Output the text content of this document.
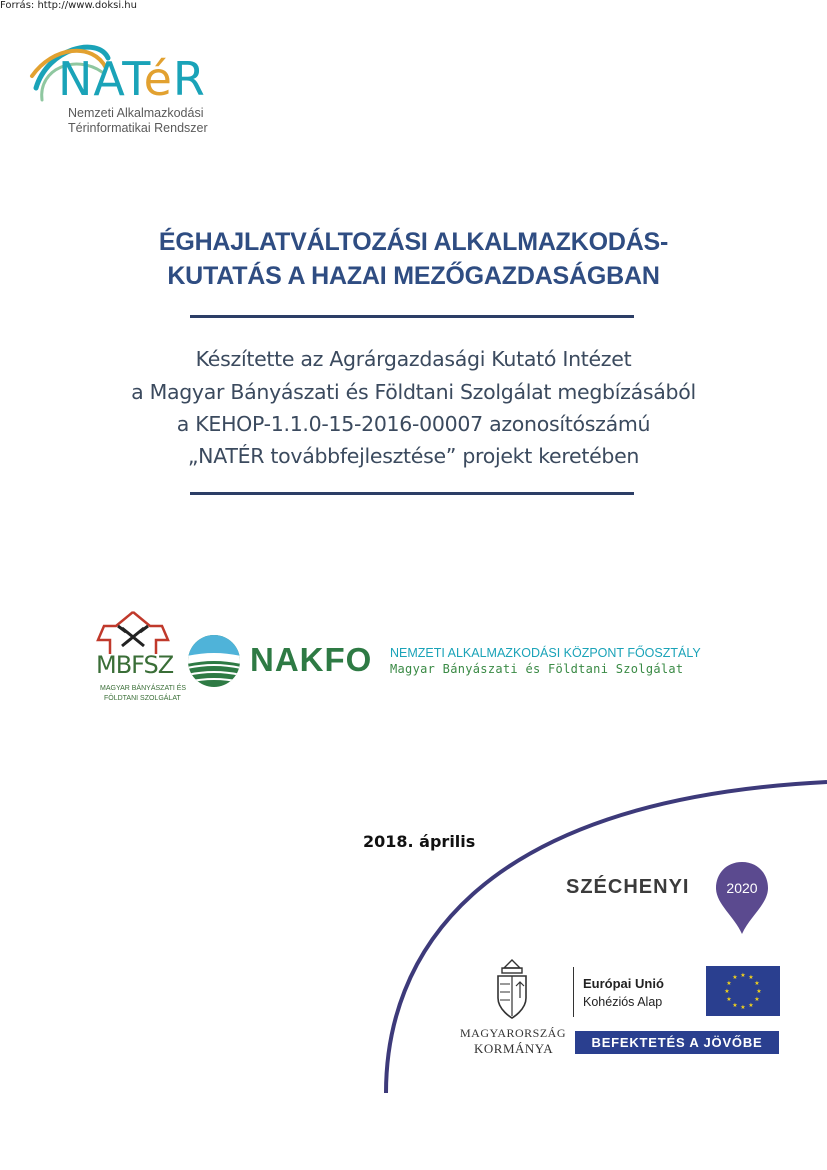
Forrás: http://www.doksi.hu
NATéR
Nemzeti Alkalmazkodási
Térinformatikai Rendszer
ÉGHAJLATVÁLTOZÁSI ALKALMAZKODÁS-
KUTATÁS A HAZAI MEZŐGAZDASÁGBAN
Készítette az Agrárgazdasági Kutató Intézet
a Magyar Bányászati és Földtani Szolgálat megbízásából
a KEHOP-1.1.0-15-2016-00007 azonosítószámú
„NATÉR továbbfejlesztése” projekt keretében
MBFSZ
MAGYAR BÁNYÁSZATI ÉS
FÖLDTANI SZOLGÁLAT
NAKFO NEMZETI ALKALMAZKODÁSI KÖZPONT FŐOSZTÁLY
Magyar Bányászati és Földtani Szolgálat
2018. április
SZÉCHENYI	2020
MAGYARORSZÁG
KORMÁNYA
Európai Unió
Kohéziós Alap
★ ★
★
★
★
★
★
★
★
★
★
★
BEFEKTETÉS A JÖVŐBE
